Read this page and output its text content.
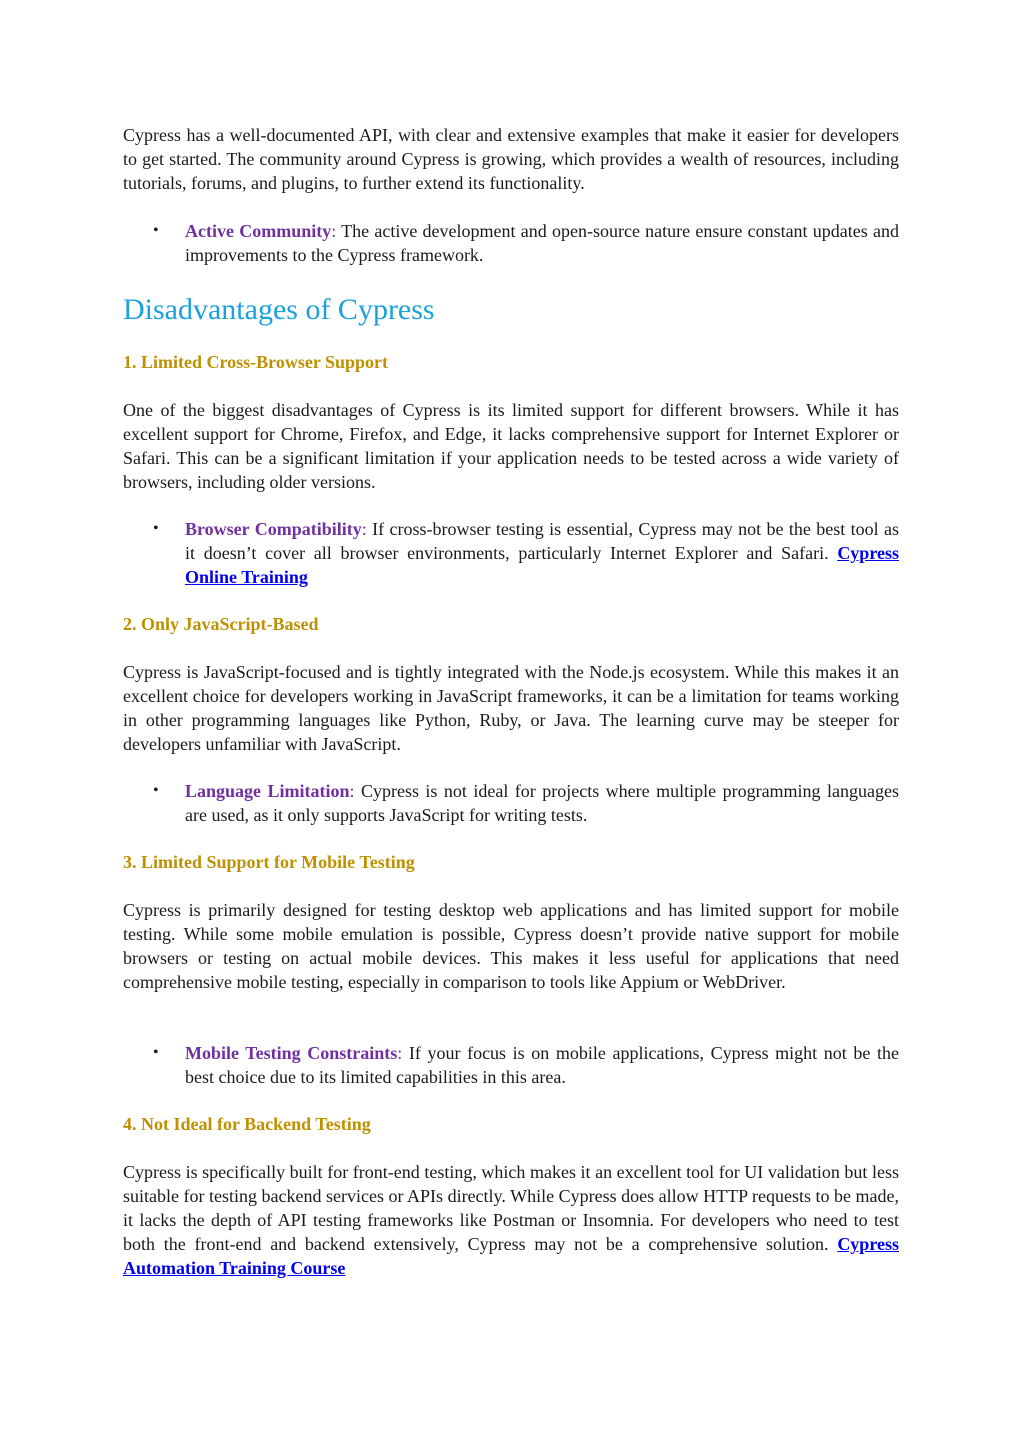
Cypress has a well-documented API, with clear and extensive examples that make it easier for developers to get started. The community around Cypress is growing, which provides a wealth of resources, including tutorials, forums, and plugins, to further extend its functionality.

• Active Community: The active development and open-source nature ensure constant updates and improvements to the Cypress framework.
Disadvantages of Cypress
1. Limited Cross-Browser Support

One of the biggest disadvantages of Cypress is its limited support for different browsers. While it has excellent support for Chrome, Firefox, and Edge, it lacks comprehensive support for Internet Explorer or Safari. This can be a significant limitation if your application needs to be tested across a wide variety of browsers, including older versions.

• Browser Compatibility: If cross-browser testing is essential, Cypress may not be the best tool as it doesn’t cover all browser environments, particularly Internet Explorer and Safari. Cypress Online Training
2. Only JavaScript-Based

Cypress is JavaScript-focused and is tightly integrated with the Node.js ecosystem. While this makes it an excellent choice for developers working in JavaScript frameworks, it can be a limitation for teams working in other programming languages like Python, Ruby, or Java. The learning curve may be steeper for developers unfamiliar with JavaScript.

• Language Limitation: Cypress is not ideal for projects where multiple programming languages are used, as it only supports JavaScript for writing tests.
3. Limited Support for Mobile Testing

Cypress is primarily designed for testing desktop web applications and has limited support for mobile testing. While some mobile emulation is possible, Cypress doesn’t provide native support for mobile browsers or testing on actual mobile devices. This makes it less useful for applications that need comprehensive mobile testing, especially in comparison to tools like Appium or WebDriver.

• Mobile Testing Constraints: If your focus is on mobile applications, Cypress might not be the best choice due to its limited capabilities in this area.
4. Not Ideal for Backend Testing

Cypress is specifically built for front-end testing, which makes it an excellent tool for UI validation but less suitable for testing backend services or APIs directly. While Cypress does allow HTTP requests to be made, it lacks the depth of API testing frameworks like Postman or Insomnia. For developers who need to test both the front-end and backend extensively, Cypress may not be a comprehensive solution. Cypress Automation Training Course
